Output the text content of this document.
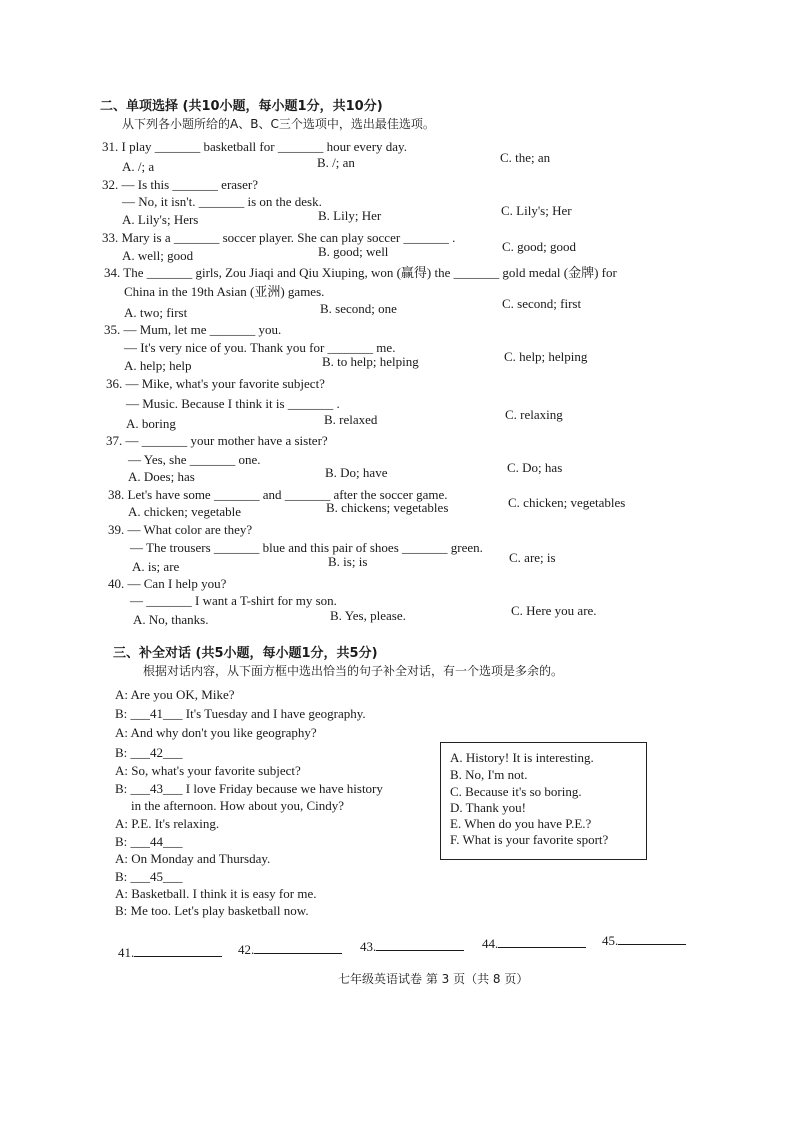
二、单项选择 (共10小题，每小题1分，共10分)
从下列各小题所给的A、B、C三个选项中，选出最佳选项。
31. I play _______ basketball for _______ hour every day.
A. /; a	B. /; an	C. the; an
32. — Is this _______ eraser?
— No, it isn't. _______ is on the desk.
A. Lily's; Hers	B. Lily; Her	C. Lily's; Her
33. Mary is a _______ soccer player. She can play soccer _______ .
A. well; good	B. good; well	C. good; good
34. The _______ girls, Zou Jiaqi and Qiu Xiuping, won (赢得) the _______ gold medal (金牌) for
China in the 19th Asian (亚洲) games.
A. two; first	B. second; one	C. second; first
35. — Mum, let me _______ you.
— It's very nice of you. Thank you for _______ me.
A. help; help	B. to help; helping	C. help; helping
36. — Mike, what's your favorite subject?
— Music. Because I think it is _______ .
A. boring	B. relaxed	C. relaxing
37. — _______ your mother have a sister?
— Yes, she _______ one.
A. Does; has	B. Do; have	C. Do; has
38. Let's have some _______ and _______ after the soccer game.
A. chicken; vegetable	B. chickens; vegetables	C. chicken; vegetables
39. — What color are they?
— The trousers _______ blue and this pair of shoes _______ green.
A. is; are	B. is; is	C. are; is
40. — Can I help you?
— _______ I want a T-shirt for my son.
A. No, thanks.	B. Yes, please.	C. Here you are.
三、补全对话 (共5小题，每小题1分，共5分)
根据对话内容，从下面方框中选出恰当的句子补全对话，有一个选项是多余的。
A: Are you OK, Mike?
B: ___41___ It's Tuesday and I have geography.
A: And why don't you like geography?
B: ___42___
A: So, what's your favorite subject?
B: ___43___ I love Friday because we have history
in the afternoon. How about you, Cindy?
A: P.E. It's relaxing.
B: ___44___
A: On Monday and Thursday.
B: ___45___
A: Basketball. I think it is easy for me.
B: Me too. Let's play basketball now.
A. History! It is interesting.
B. No, I'm not.
C. Because it's so boring.
D. Thank you!
E. When do you have P.E.?
F. What is your favorite sport?
41.	42.	43.	44.	45.
七年级英语试卷 第 3 页（共 8 页）
